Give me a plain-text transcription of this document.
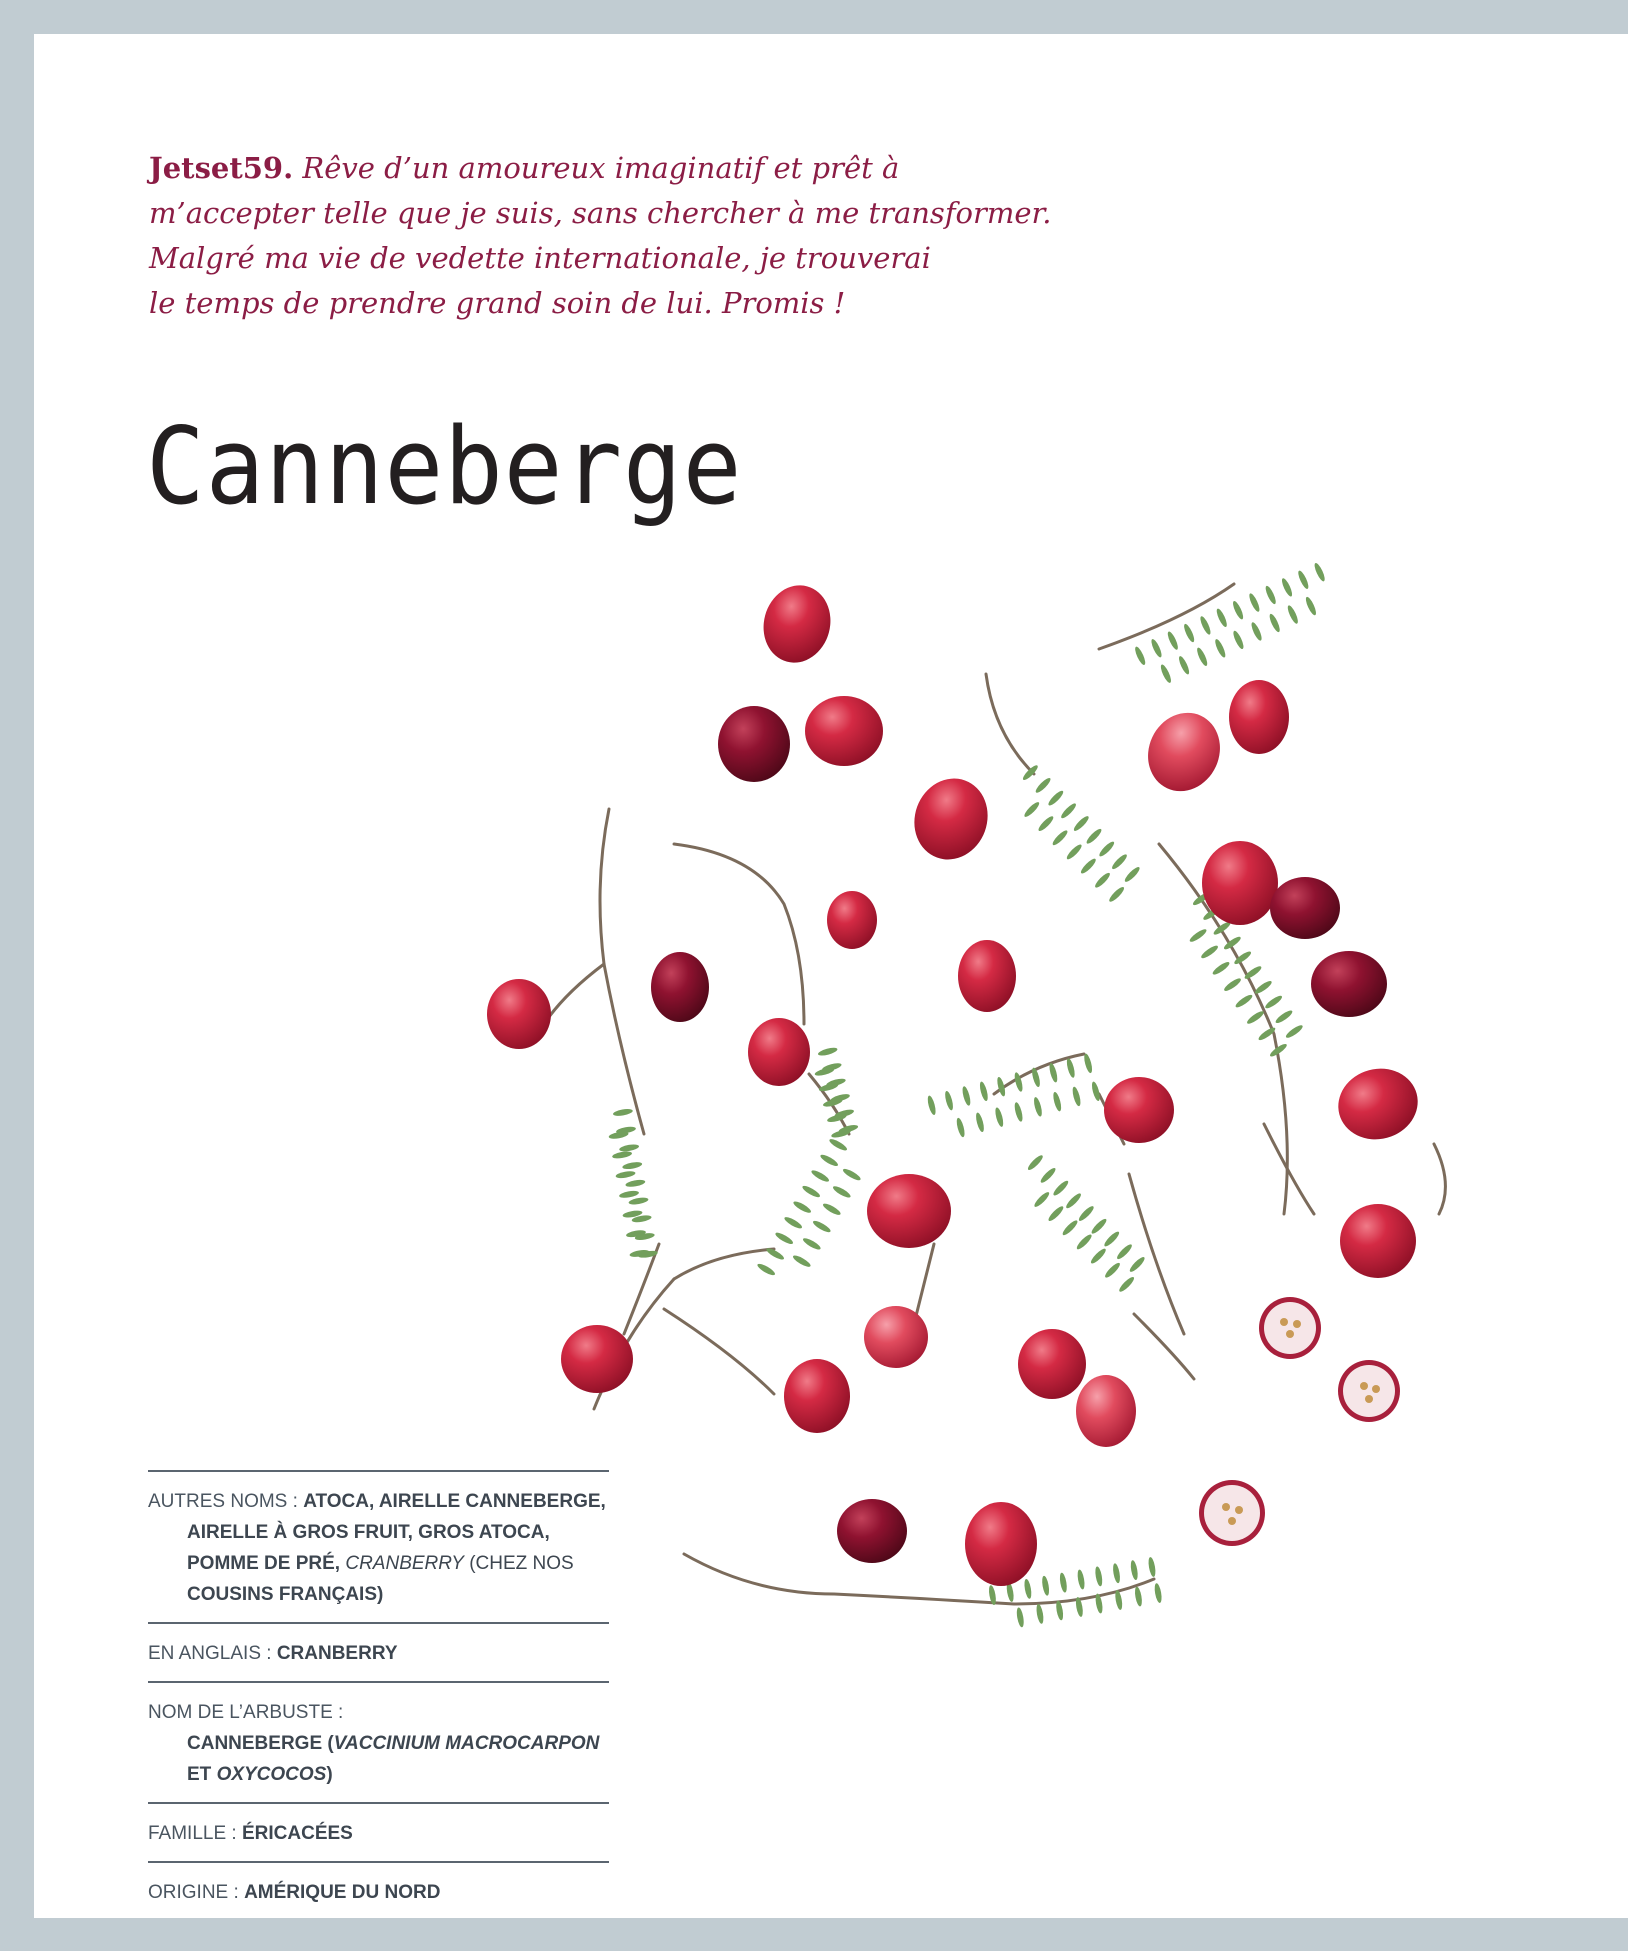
Jetset59. Rêve d’un amoureux imaginatif et prêt à
m’accepter telle que je suis, sans chercher à me transformer.
Malgré ma vie de vedette internationale, je trouverai
le temps de prendre grand soin de lui. Promis !
Canneberge
AUTRES NOMS : ATOCA, AIRELLE CANNEBERGE,
AIRELLE À GROS FRUIT, GROS ATOCA,
POMME DE PRÉ, CRANBERRY (CHEZ NOS
COUSINS FRANÇAIS)
EN ANGLAIS : CRANBERRY
NOM DE L’ARBUSTE :
CANNEBERGE (VACCINIUM MACROCARPON
ET OXYCOCOS)
FAMILLE : ÉRICACÉES
ORIGINE : AMÉRIQUE DU NORD
